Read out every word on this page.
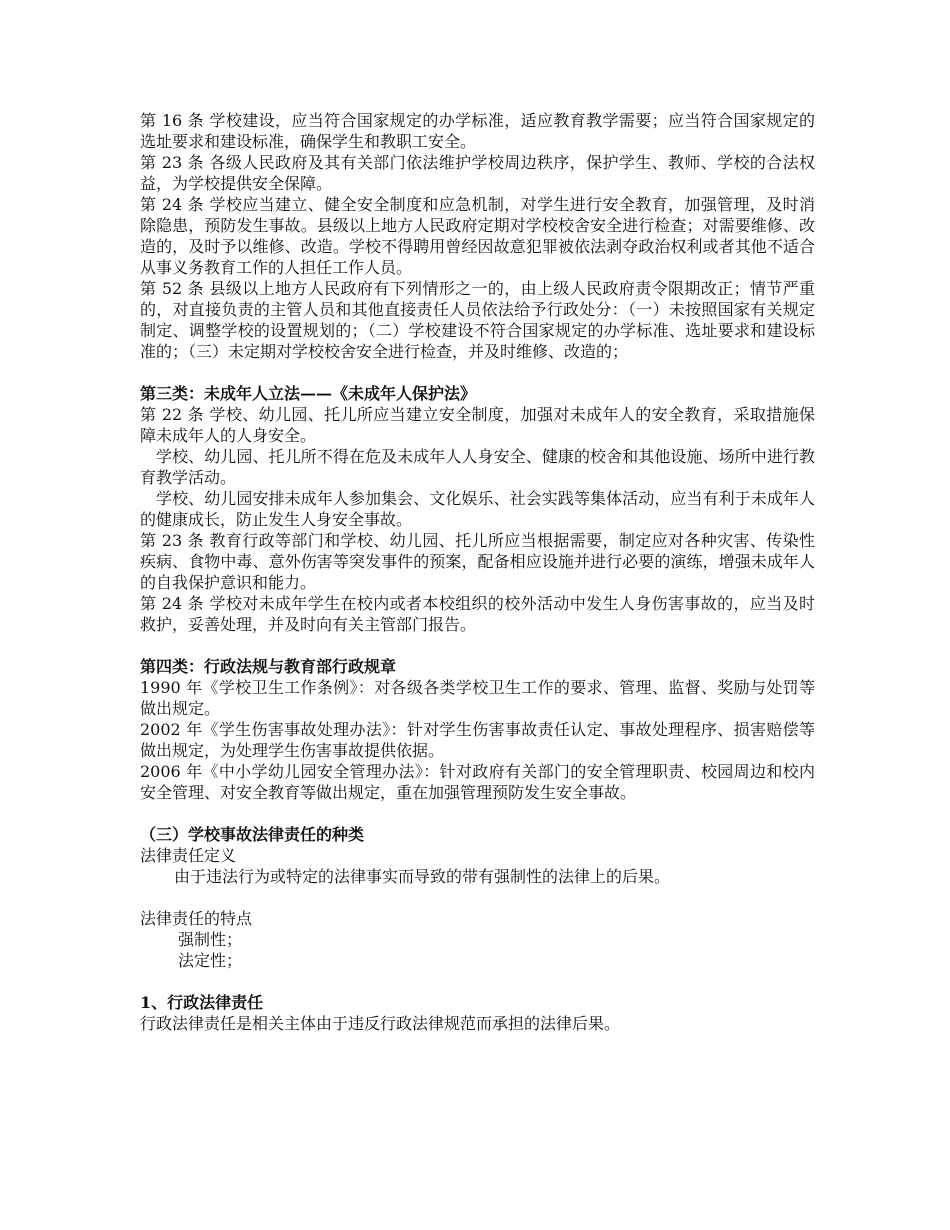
第 16 条 学校建设，应当符合国家规定的办学标准，适应教育教学需要；应当符合国家规定的选址要求和建设标准，确保学生和教职工安全。

第 23 条 各级人民政府及其有关部门依法维护学校周边秩序，保护学生、教师、学校的合法权益，为学校提供安全保障。

第 24 条 学校应当建立、健全安全制度和应急机制，对学生进行安全教育，加强管理，及时消除隐患，预防发生事故。县级以上地方人民政府定期对学校校舍安全进行检查；对需要维修、改造的，及时予以维修、改造。学校不得聘用曾经因故意犯罪被依法剥夺政治权利或者其他不适合从事义务教育工作的人担任工作人员。

第 52 条 县级以上地方人民政府有下列情形之一的，由上级人民政府责令限期改正；情节严重的，对直接负责的主管人员和其他直接责任人员依法给予行政处分：（一）未按照国家有关规定制定、调整学校的设置规划的；（二）学校建设不符合国家规定的办学标准、选址要求和建设标准的；（三）未定期对学校校舍安全进行检查，并及时维修、改造的；

第三类：未成年人立法——《未成年人保护法》

第 22 条 学校、幼儿园、托儿所应当建立安全制度，加强对未成年人的安全教育，采取措施保障未成年人的人身安全。

学校、幼儿园、托儿所不得在危及未成年人人身安全、健康的校舍和其他设施、场所中进行教育教学活动。

学校、幼儿园安排未成年人参加集会、文化娱乐、社会实践等集体活动，应当有利于未成年人的健康成长，防止发生人身安全事故。

第 23 条 教育行政等部门和学校、幼儿园、托儿所应当根据需要，制定应对各种灾害、传染性疾病、食物中毒、意外伤害等突发事件的预案，配备相应设施并进行必要的演练，增强未成年人的自我保护意识和能力。

第 24 条 学校对未成年学生在校内或者本校组织的校外活动中发生人身伤害事故的，应当及时救护，妥善处理，并及时向有关主管部门报告。

第四类：行政法规与教育部行政规章

1990 年《学校卫生工作条例》：对各级各类学校卫生工作的要求、管理、监督、奖励与处罚等做出规定。

2002 年《学生伤害事故处理办法》：针对学生伤害事故责任认定、事故处理程序、损害赔偿等做出规定，为处理学生伤害事故提供依据。

2006 年《中小学幼儿园安全管理办法》：针对政府有关部门的安全管理职责、校园周边和校内安全管理、对安全教育等做出规定，重在加强管理预防发生安全事故。

（三）学校事故法律责任的种类

法律责任定义

由于违法行为或特定的法律事实而导致的带有强制性的法律上的后果。

法律责任的特点

强制性；

法定性；

1、行政法律责任

行政法律责任是相关主体由于违反行政法律规范而承担的法律后果。
